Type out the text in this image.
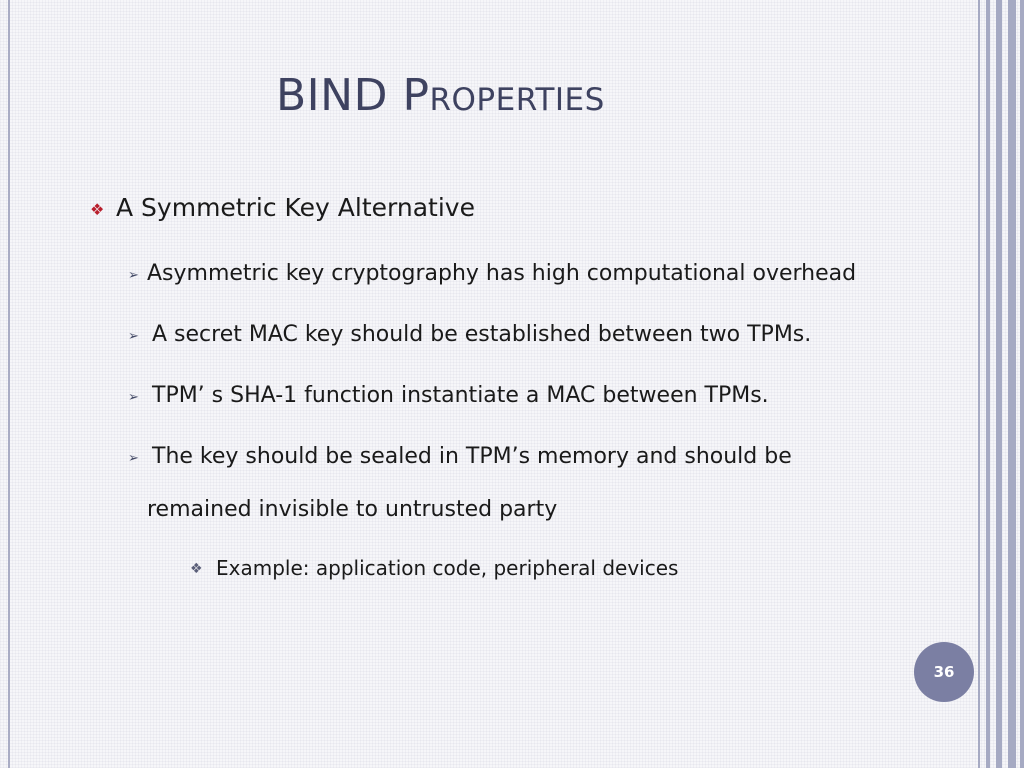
BIND Properties
❖ A Symmetric Key Alternative
➢ Asymmetric key cryptography has high computational overhead
➢ A secret MAC key should be established between two TPMs.
➢ TPM’ s SHA-1 function instantiate a MAC between TPMs.
➢ The key should be sealed in TPM’s memory and should be
remained invisible to untrusted party
❖ Example: application code, peripheral devices
36
